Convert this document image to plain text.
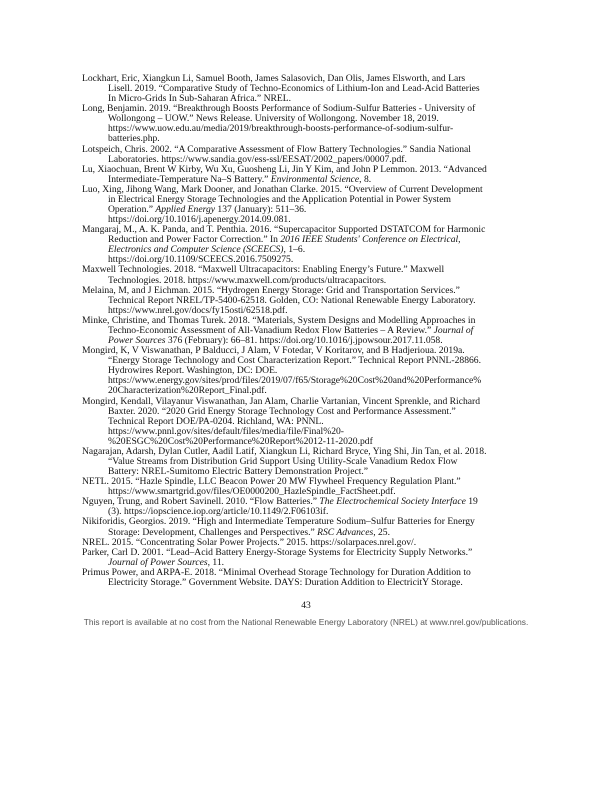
Lockhart, Eric, Xiangkun Li, Samuel Booth, James Salasovich, Dan Olis, James Elsworth, and Lars
Lisell. 2019. “Comparative Study of Techno-Economics of Lithium-Ion and Lead-Acid Batteries
In Micro-Grids In Sub-Saharan Africa.” NREL.

Long, Benjamin. 2019. “Breakthrough Boosts Performance of Sodium-Sulfur Batteries - University of
Wollongong – UOW.” News Release. University of Wollongong. November 18, 2019.
https://www.uow.edu.au/media/2019/breakthrough-boosts-performance-of-sodium-sulfur-
batteries.php.

Lotspeich, Chris. 2002. “A Comparative Assessment of Flow Battery Technologies.” Sandia National
Laboratories. https://www.sandia.gov/ess-ssl/EESAT/2002_papers/00007.pdf.

Lu, Xiaochuan, Brent W Kirby, Wu Xu, Guosheng Li, Jin Y Kim, and John P Lemmon. 2013. “Advanced
Intermediate-Temperature Na–S Battery.” Environmental Science, 8.

Luo, Xing, Jihong Wang, Mark Dooner, and Jonathan Clarke. 2015. “Overview of Current Development
in Electrical Energy Storage Technologies and the Application Potential in Power System
Operation.” Applied Energy 137 (January): 511–36.
https://doi.org/10.1016/j.apenergy.2014.09.081.

Mangaraj, M., A. K. Panda, and T. Penthia. 2016. “Supercapacitor Supported DSTATCOM for Harmonic
Reduction and Power Factor Correction.” In 2016 IEEE Students' Conference on Electrical,
Electronics and Computer Science (SCEECS), 1–6.
https://doi.org/10.1109/SCEECS.2016.7509275.

Maxwell Technologies. 2018. “Maxwell Ultracapacitors: Enabling Energy’s Future.” Maxwell
Technologies. 2018. https://www.maxwell.com/products/ultracapacitors.

Melaina, M, and J Eichman. 2015. “Hydrogen Energy Storage: Grid and Transportation Services.”
Technical Report NREL/TP-5400-62518. Golden, CO: National Renewable Energy Laboratory.
https://www.nrel.gov/docs/fy15osti/62518.pdf.

Minke, Christine, and Thomas Turek. 2018. “Materials, System Designs and Modelling Approaches in
Techno-Economic Assessment of All-Vanadium Redox Flow Batteries – A Review.” Journal of
Power Sources 376 (February): 66–81. https://doi.org/10.1016/j.jpowsour.2017.11.058.

Mongird, K, V Viswanathan, P Balducci, J Alam, V Fotedar, V Koritarov, and B Hadjerioua. 2019a.
“Energy Storage Technology and Cost Characterization Report.” Technical Report PNNL-28866.
Hydrowires Report. Washington, DC: DOE.
https://www.energy.gov/sites/prod/files/2019/07/f65/Storage%20Cost%20and%20Performance%
20Characterization%20Report_Final.pdf.

Mongird, Kendall, Vilayanur Viswanathan, Jan Alam, Charlie Vartanian, Vincent Sprenkle, and Richard
Baxter. 2020. “2020 Grid Energy Storage Technology Cost and Performance Assessment.”
Technical Report DOE/PA-0204. Richland, WA: PNNL.
https://www.pnnl.gov/sites/default/files/media/file/Final%20-
%20ESGC%20Cost%20Performance%20Report%2012-11-2020.pdf

Nagarajan, Adarsh, Dylan Cutler, Aadil Latif, Xiangkun Li, Richard Bryce, Ying Shi, Jin Tan, et al. 2018.
“Value Streams from Distribution Grid Support Using Utility-Scale Vanadium Redox Flow
Battery: NREL-Sumitomo Electric Battery Demonstration Project.”

NETL. 2015. “Hazle Spindle, LLC Beacon Power 20 MW Flywheel Frequency Regulation Plant.”
https://www.smartgrid.gov/files/OE0000200_HazleSpindle_FactSheet.pdf.

Nguyen, Trung, and Robert Savinell. 2010. “Flow Batteries.” The Electrochemical Society Interface 19
(3). https://iopscience.iop.org/article/10.1149/2.F06103if.

Nikiforidis, Georgios. 2019. “High and Intermediate Temperature Sodium–Sulfur Batteries for Energy
Storage: Development, Challenges and Perspectives.” RSC Advances, 25.

NREL. 2015. “Concentrating Solar Power Projects.” 2015. https://solarpaces.nrel.gov/.

Parker, Carl D. 2001. “Lead–Acid Battery Energy-Storage Systems for Electricity Supply Networks.”
Journal of Power Sources, 11.

Primus Power, and ARPA-E. 2018. “Minimal Overhead Storage Technology for Duration Addition to
Electricity Storage.” Government Website. DAYS: Duration Addition to ElectricitY Storage.

43
This report is available at no cost from the National Renewable Energy Laboratory (NREL) at www.nrel.gov/publications.
